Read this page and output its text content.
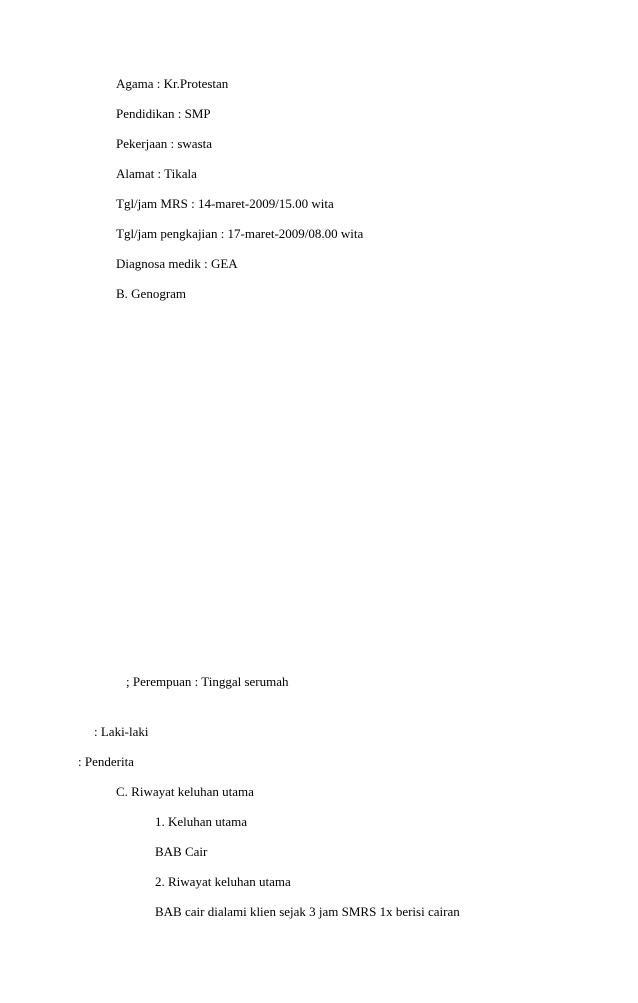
Agama : Kr.Protestan
Pendidikan : SMP
Pekerjaan : swasta
Alamat : Tikala
Tgl/jam MRS : 14-maret-2009/15.00 wita
Tgl/jam pengkajian : 17-maret-2009/08.00 wita
Diagnosa medik : GEA
B. Genogram
; Perempuan : Tinggal serumah
: Laki-laki
: Penderita
C. Riwayat keluhan utama
1. Keluhan utama
BAB Cair
2. Riwayat keluhan utama
BAB cair dialami klien sejak 3 jam SMRS 1x berisi cairan
